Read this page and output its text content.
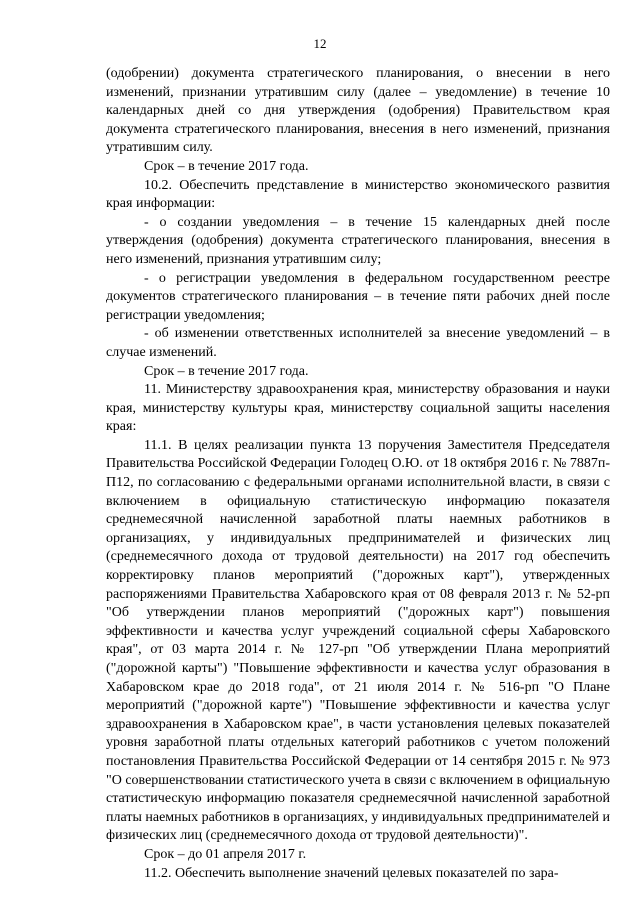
12

(одобрении) документа стратегического планирования, о внесении в него изменений, признании утратившим силу (далее – уведомление) в течение 10 календарных дней со дня утверждения (одобрения) Правительством края документа стратегического планирования, внесения в него изменений, признания утратившим силу.

Срок – в течение 2017 года.

10.2. Обеспечить представление в министерство экономического развития края информации:

- о создании уведомления – в течение 15 календарных дней после утверждения (одобрения) документа стратегического планирования, внесения в него изменений, признания утратившим силу;

- о регистрации уведомления в федеральном государственном реестре документов стратегического планирования – в течение пяти рабочих дней после регистрации уведомления;

- об изменении ответственных исполнителей за внесение уведомлений – в случае изменений.

Срок – в течение 2017 года.

11. Министерству здравоохранения края, министерству образования и науки края, министерству культуры края, министерству социальной защиты населения края:

11.1. В целях реализации пункта 13 поручения Заместителя Председателя Правительства Российской Федерации Голодец О.Ю. от 18 октября 2016 г. № 7887п-П12, по согласованию с федеральными органами исполнительной власти, в связи с включением в официальную статистическую информацию показателя среднемесячной начисленной заработной платы наемных работников в организациях, у индивидуальных предпринимателей и физических лиц (среднемесячного дохода от трудовой деятельности) на 2017 год обеспечить корректировку планов мероприятий ("дорожных карт"), утвержденных распоряжениями Правительства Хабаровского края от 08 февраля 2013 г. № 52-рп "Об утверждении планов мероприятий ("дорожных карт") повышения эффективности и качества услуг учреждений социальной сферы Хабаровского края", от 03 марта 2014 г. № 127-рп "Об утверждении Плана мероприятий ("дорожной карты") "Повышение эффективности и качества услуг образования в Хабаровском крае до 2018 года", от 21 июля 2014 г. № 516-рп "О Плане мероприятий ("дорожной карте") "Повышение эффективности и качества услуг здравоохранения в Хабаровском крае", в части установления целевых показателей уровня заработной платы отдельных категорий работников с учетом положений постановления Правительства Российской Федерации от 14 сентября 2015 г. № 973 "О совершенствовании статистического учета в связи с включением в официальную статистическую информацию показателя среднемесячной начисленной заработной платы наемных работников в организациях, у индивидуальных предпринимателей и физических лиц (среднемесячного дохода от трудовой деятельности)".

Срок – до 01 апреля 2017 г.

11.2. Обеспечить выполнение значений целевых показателей по зара-
